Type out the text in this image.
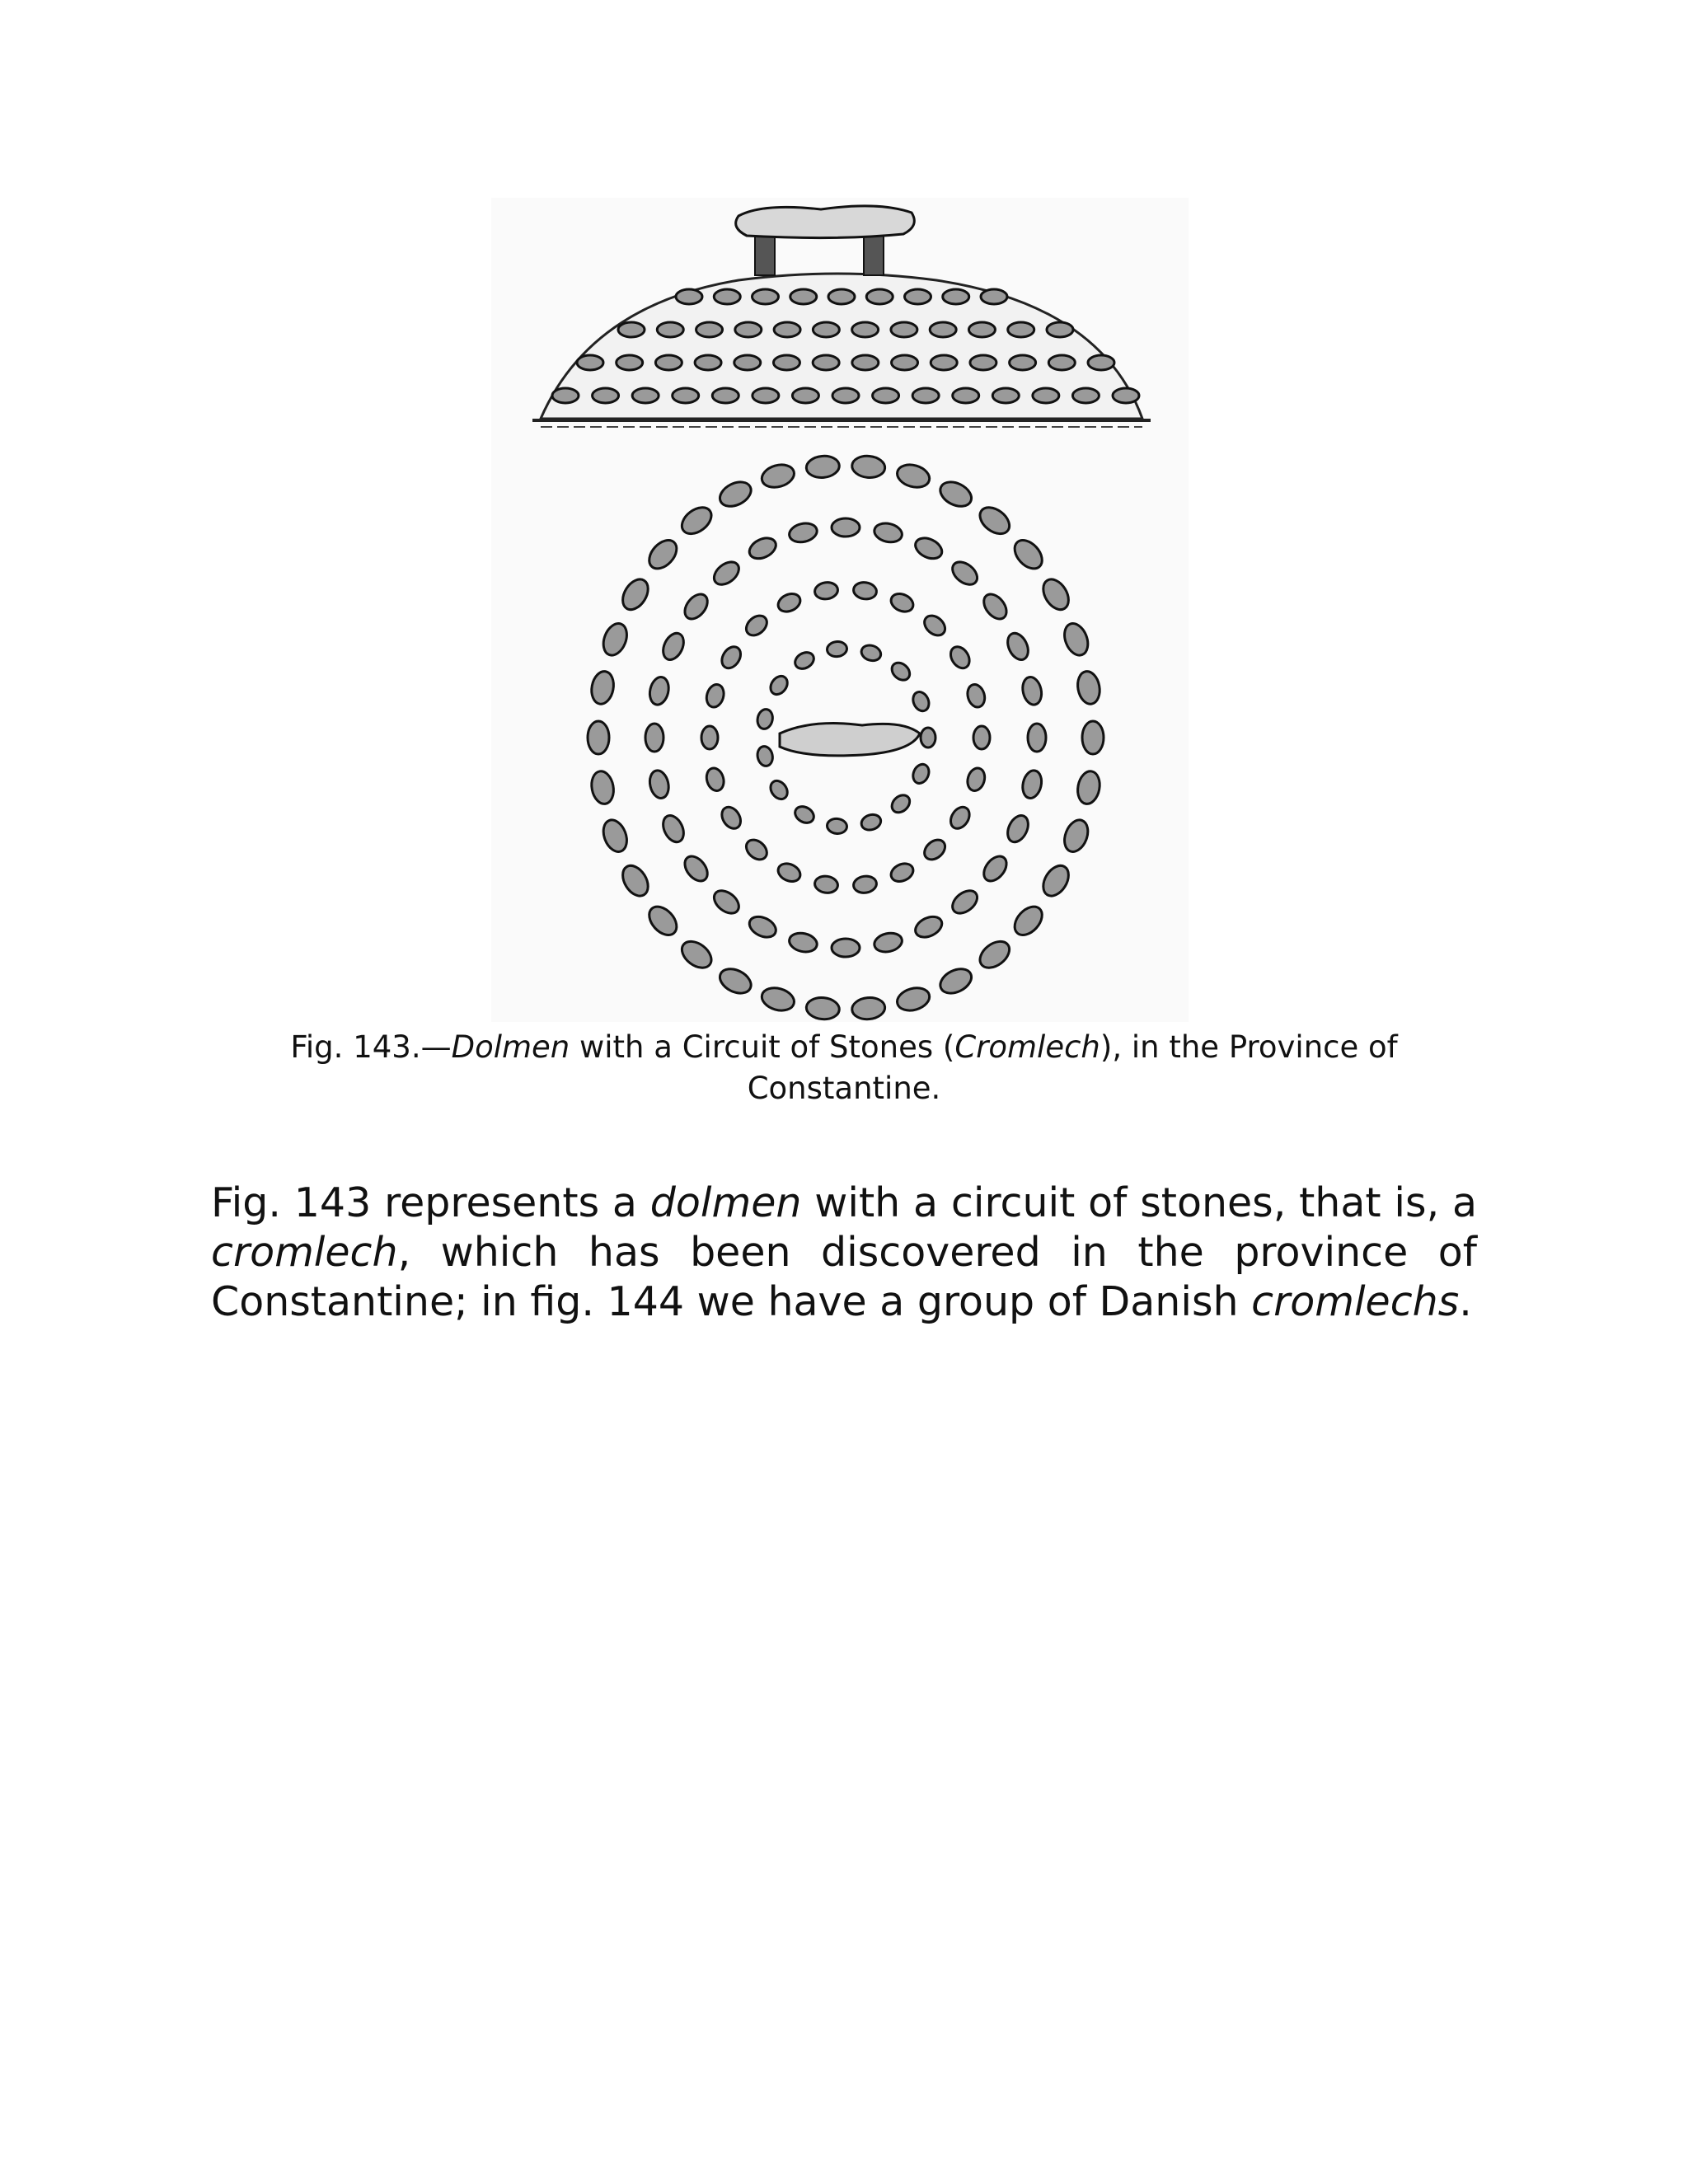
Fig. 143.—Dolmen with a Circuit of Stones (Cromlech), in the Province of Constantine.
Fig. 143 represents a dolmen with a circuit of stones, that is, a cromlech, which has been discovered in the province of Constantine; in fig. 144 we have a group of Danish cromlechs.
